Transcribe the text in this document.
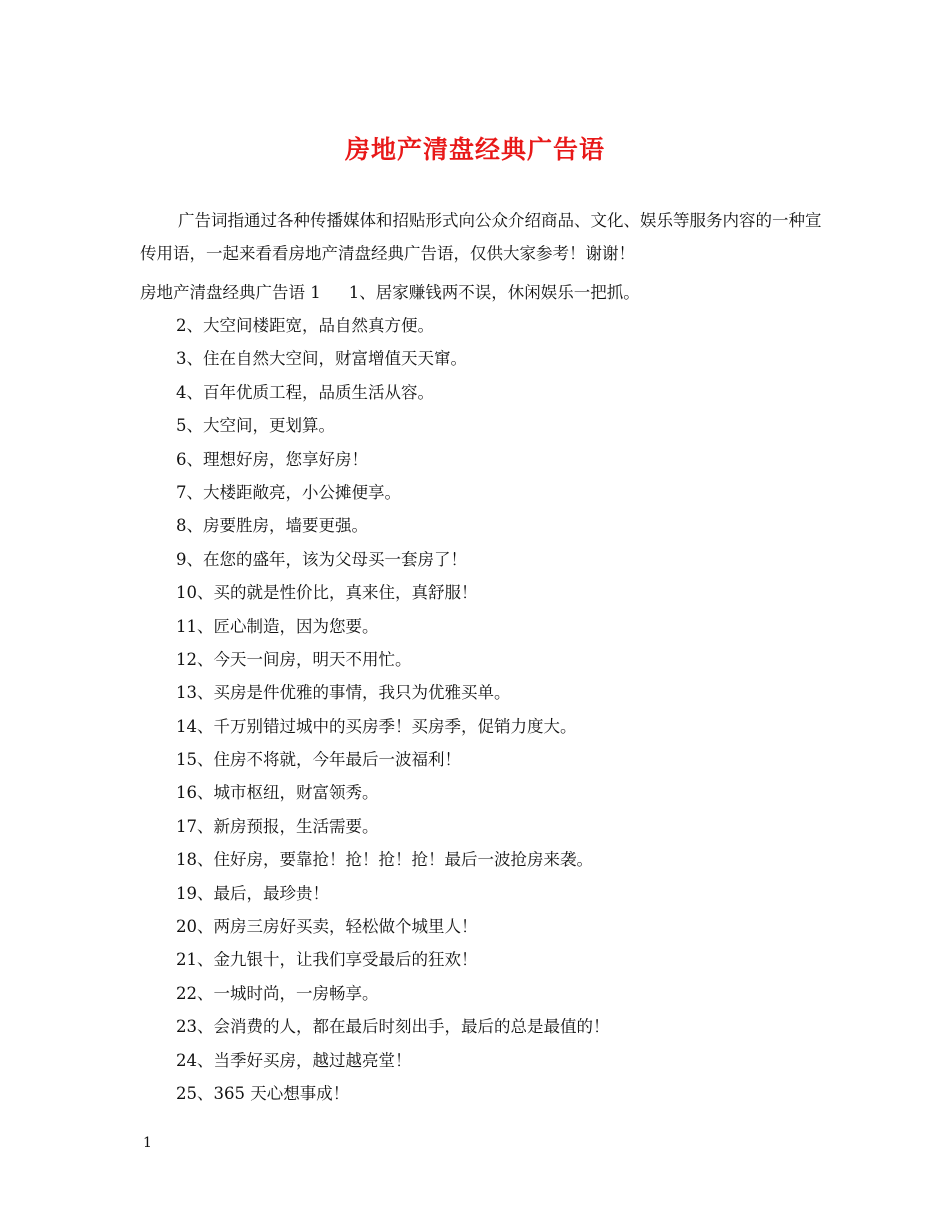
房地产清盘经典广告语

广告词指通过各种传播媒体和招贴形式向公众介绍商品、文化、娱乐等服务内容的一种宣传用语，一起来看看房地产清盘经典广告语，仅供大家参考！谢谢！

房地产清盘经典广告语 1 1、居家赚钱两不误，休闲娱乐一把抓。
2、大空间楼距宽，品自然真方便。
3、住在自然大空间，财富增值天天窜。
4、百年优质工程，品质生活从容。
5、大空间，更划算。
6、理想好房，您享好房！
7、大楼距敞亮，小公摊便享。
8、房要胜房，墙要更强。
9、在您的盛年，该为父母买一套房了！
10、买的就是性价比，真来住，真舒服！
11、匠心制造，因为您要。
12、今天一间房，明天不用忙。
13、买房是件优雅的事情，我只为优雅买单。
14、千万别错过城中的买房季！买房季，促销力度大。
15、住房不将就，今年最后一波福利！
16、城市枢纽，财富领秀。
17、新房预报，生活需要。
18、住好房，要靠抢！抢！抢！抢！最后一波抢房来袭。
19、最后，最珍贵！
20、两房三房好买卖，轻松做个城里人！
21、金九银十，让我们享受最后的狂欢！
22、一城时尚，一房畅享。
23、会消费的人，都在最后时刻出手，最后的总是最值的！
24、当季好买房，越过越亮堂！
25、365 天心想事成！
1
